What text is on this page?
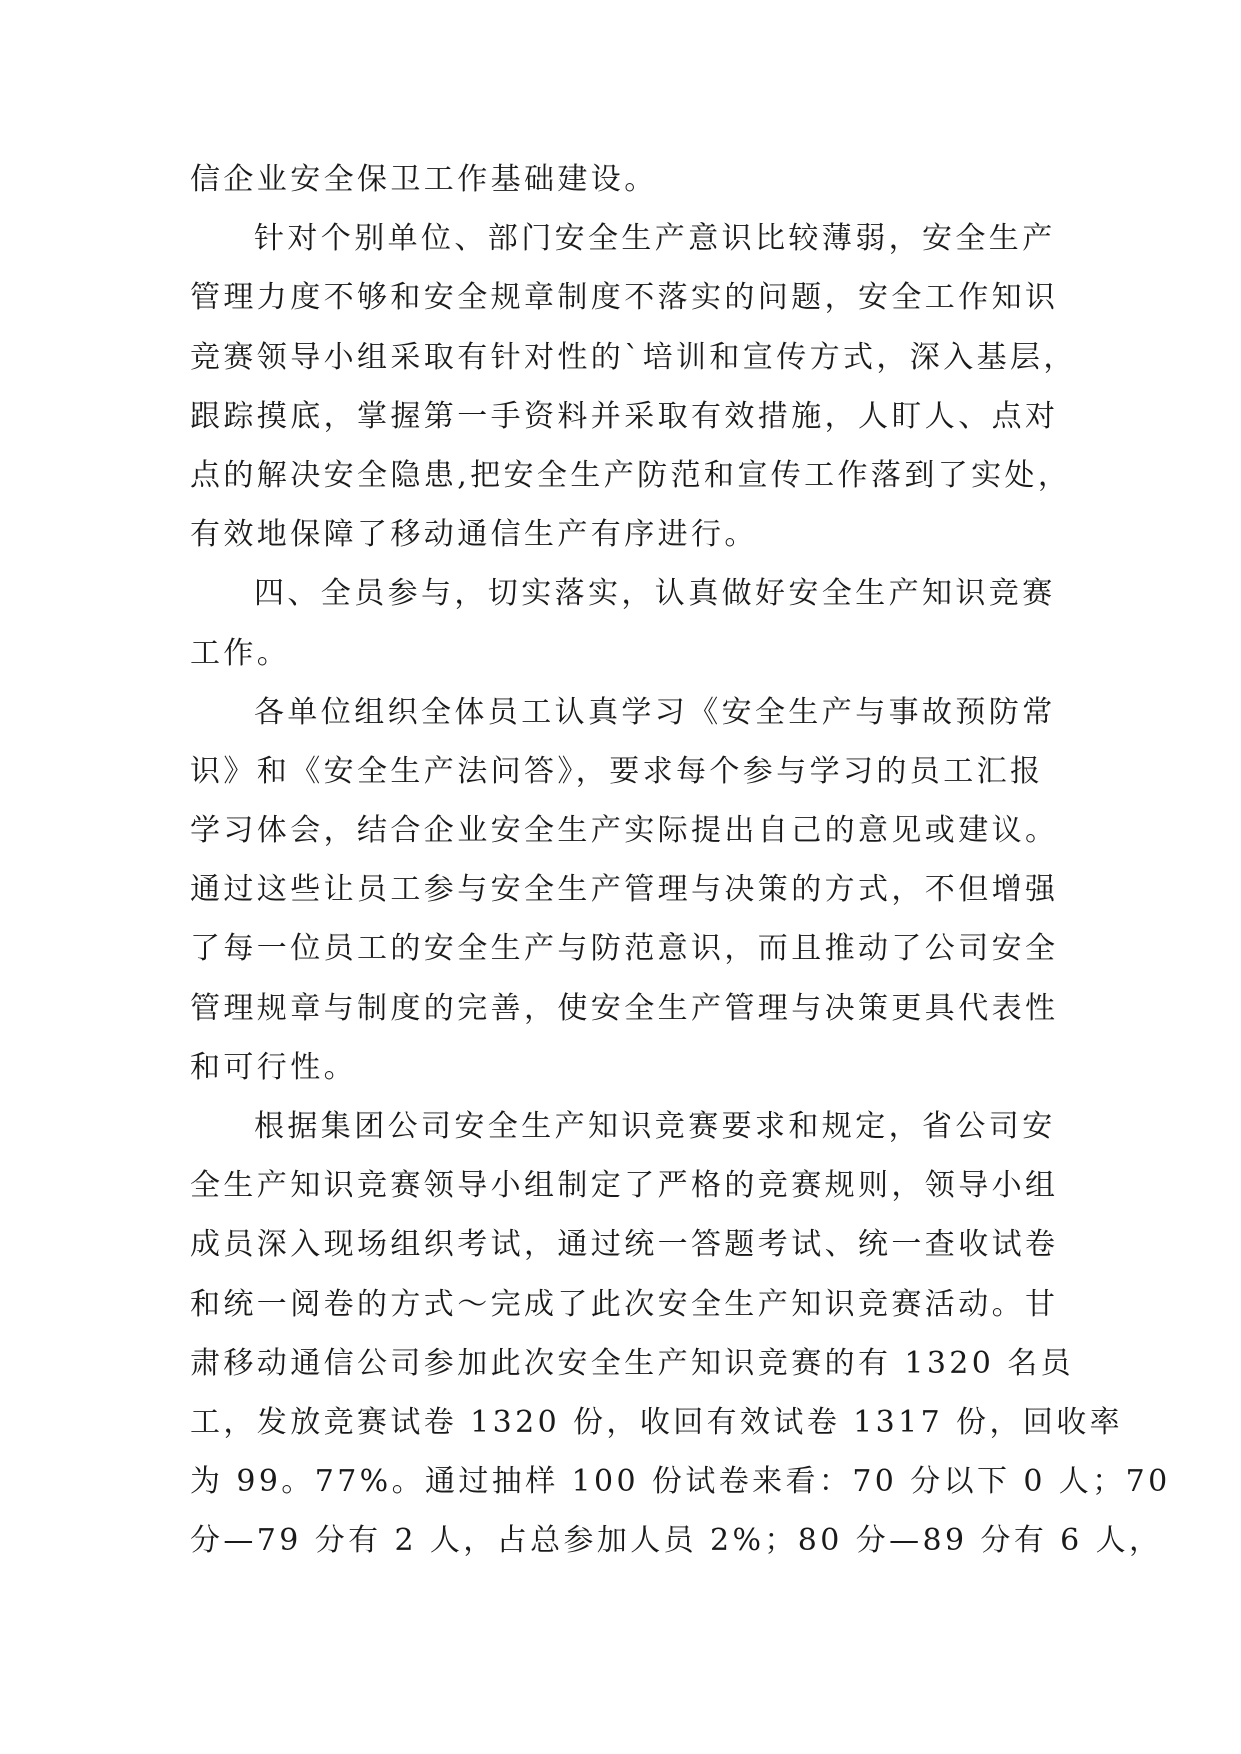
信企业安全保卫工作基础建设。
针对个别单位、部门安全生产意识比较薄弱，安全生产
管理力度不够和安全规章制度不落实的问题，安全工作知识
竞赛领导小组采取有针对性的`培训和宣传方式，深入基层，
跟踪摸底，掌握第一手资料并采取有效措施，人盯人、点对
点的解决安全隐患,把安全生产防范和宣传工作落到了实处，
有效地保障了移动通信生产有序进行。
四、全员参与，切实落实，认真做好安全生产知识竞赛
工作。
各单位组织全体员工认真学习《安全生产与事故预防常
识》和《安全生产法问答》，要求每个参与学习的员工汇报
学习体会，结合企业安全生产实际提出自己的意见或建议。
通过这些让员工参与安全生产管理与决策的方式，不但增强
了每一位员工的安全生产与防范意识，而且推动了公司安全
管理规章与制度的完善，使安全生产管理与决策更具代表性
和可行性。
根据集团公司安全生产知识竞赛要求和规定，省公司安
全生产知识竞赛领导小组制定了严格的竞赛规则，领导小组
成员深入现场组织考试，通过统一答题考试、统一查收试卷
和统一阅卷的方式～完成了此次安全生产知识竞赛活动。甘
肃移动通信公司参加此次安全生产知识竞赛的有 1320 名员
工，发放竞赛试卷 1320 份，收回有效试卷 1317 份，回收率
为 99。77%。通过抽样 100 份试卷来看：70 分以下 0 人；70
分—79 分有 2 人，占总参加人员 2%；80 分—89 分有 6 人，
